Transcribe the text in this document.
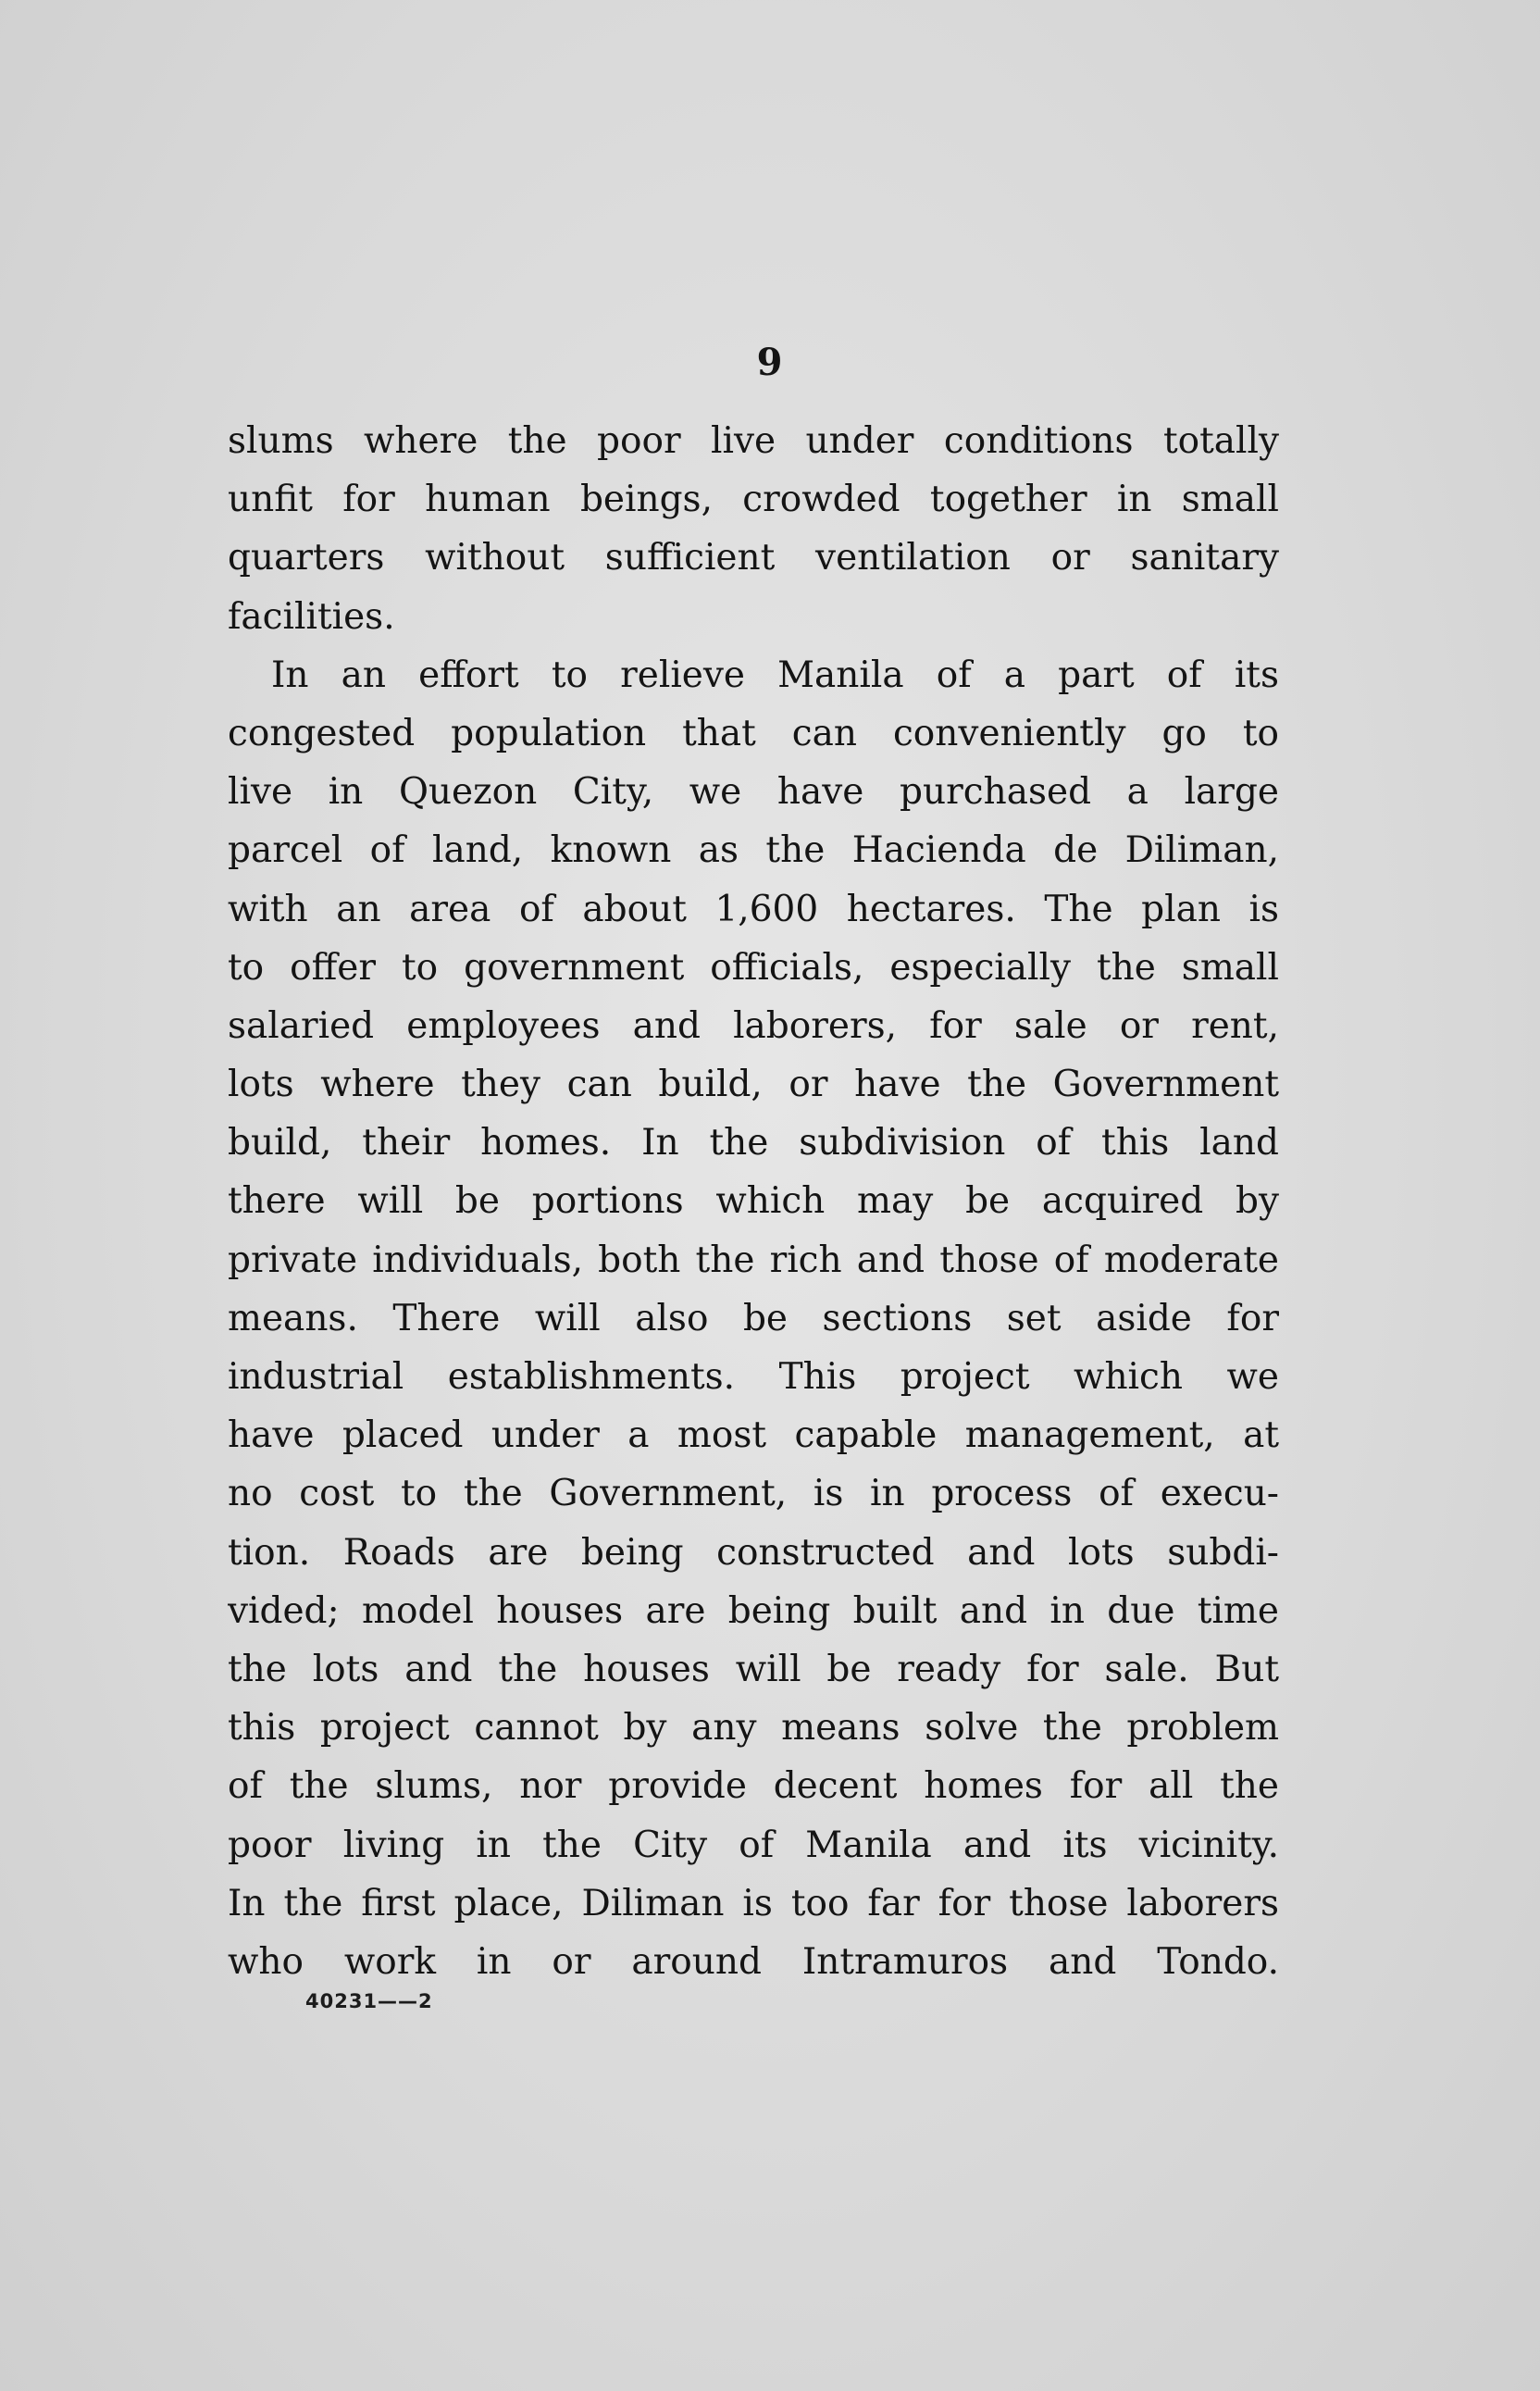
9
slums where the poor live under conditions totally
unfit for human beings, crowded together in small
quarters without sufficient ventilation or sanitary
facilities.
In an effort to relieve Manila of a part of its
congested population that can conveniently go to
live in Quezon City, we have purchased a large
parcel of land, known as the Hacienda de Diliman,
with an area of about 1,600 hectares. The plan is
to offer to government officials, especially the small
salaried employees and laborers, for sale or rent,
lots where they can build, or have the Government
build, their homes. In the subdivision of this land
there will be portions which may be acquired by
private individuals, both the rich and those of moderate
means. There will also be sections set aside for
industrial establishments. This project which we
have placed under a most capable management, at
no cost to the Government, is in process of execu-
tion. Roads are being constructed and lots subdi-
vided; model houses are being built and in due time
the lots and the houses will be ready for sale. But
this project cannot by any means solve the problem
of the slums, nor provide decent homes for all the
poor living in the City of Manila and its vicinity.
In the first place, Diliman is too far for those laborers
who work in or around Intramuros and Tondo.
40231——2
